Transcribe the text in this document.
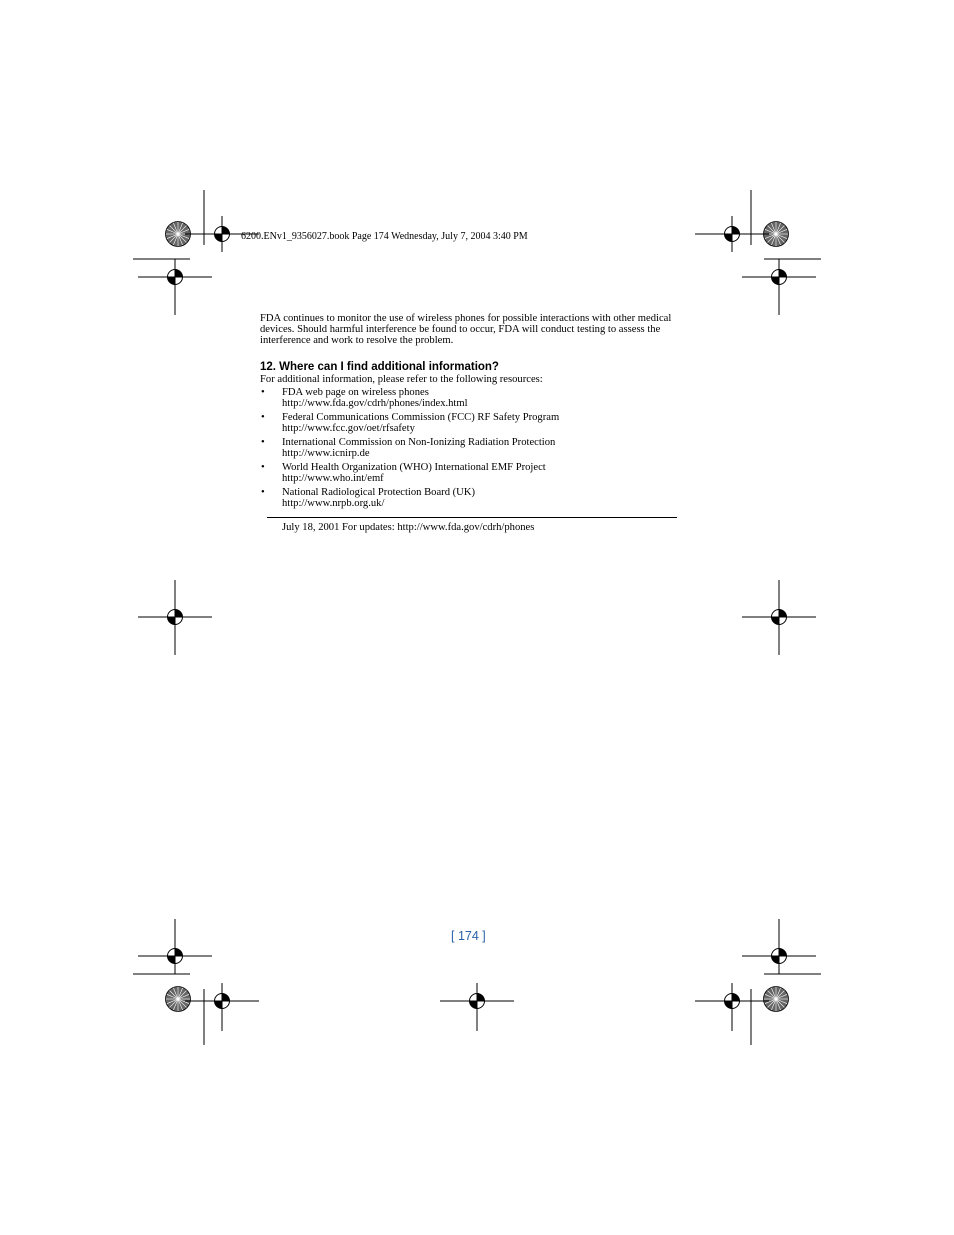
6200.ENv1_9356027.book Page 174 Wednesday, July 7, 2004 3:40 PM

FDA continues to monitor the use of wireless phones for possible interactions with other medical devices. Should harmful interference be found to occur, FDA will conduct testing to assess the interference and work to resolve the problem.

12. Where can I find additional information?
For additional information, please refer to the following resources:
• FDA web page on wireless phones
http://www.fda.gov/cdrh/phones/index.html
• Federal Communications Commission (FCC) RF Safety Program
http://www.fcc.gov/oet/rfsafety
• International Commission on Non-Ionizing Radiation Protection
http://www.icnirp.de
• World Health Organization (WHO) International EMF Project
http://www.who.int/emf
• National Radiological Protection Board (UK)
http://www.nrpb.org.uk/
July 18, 2001 For updates: http://www.fda.gov/cdrh/phones
[ 174 ]
